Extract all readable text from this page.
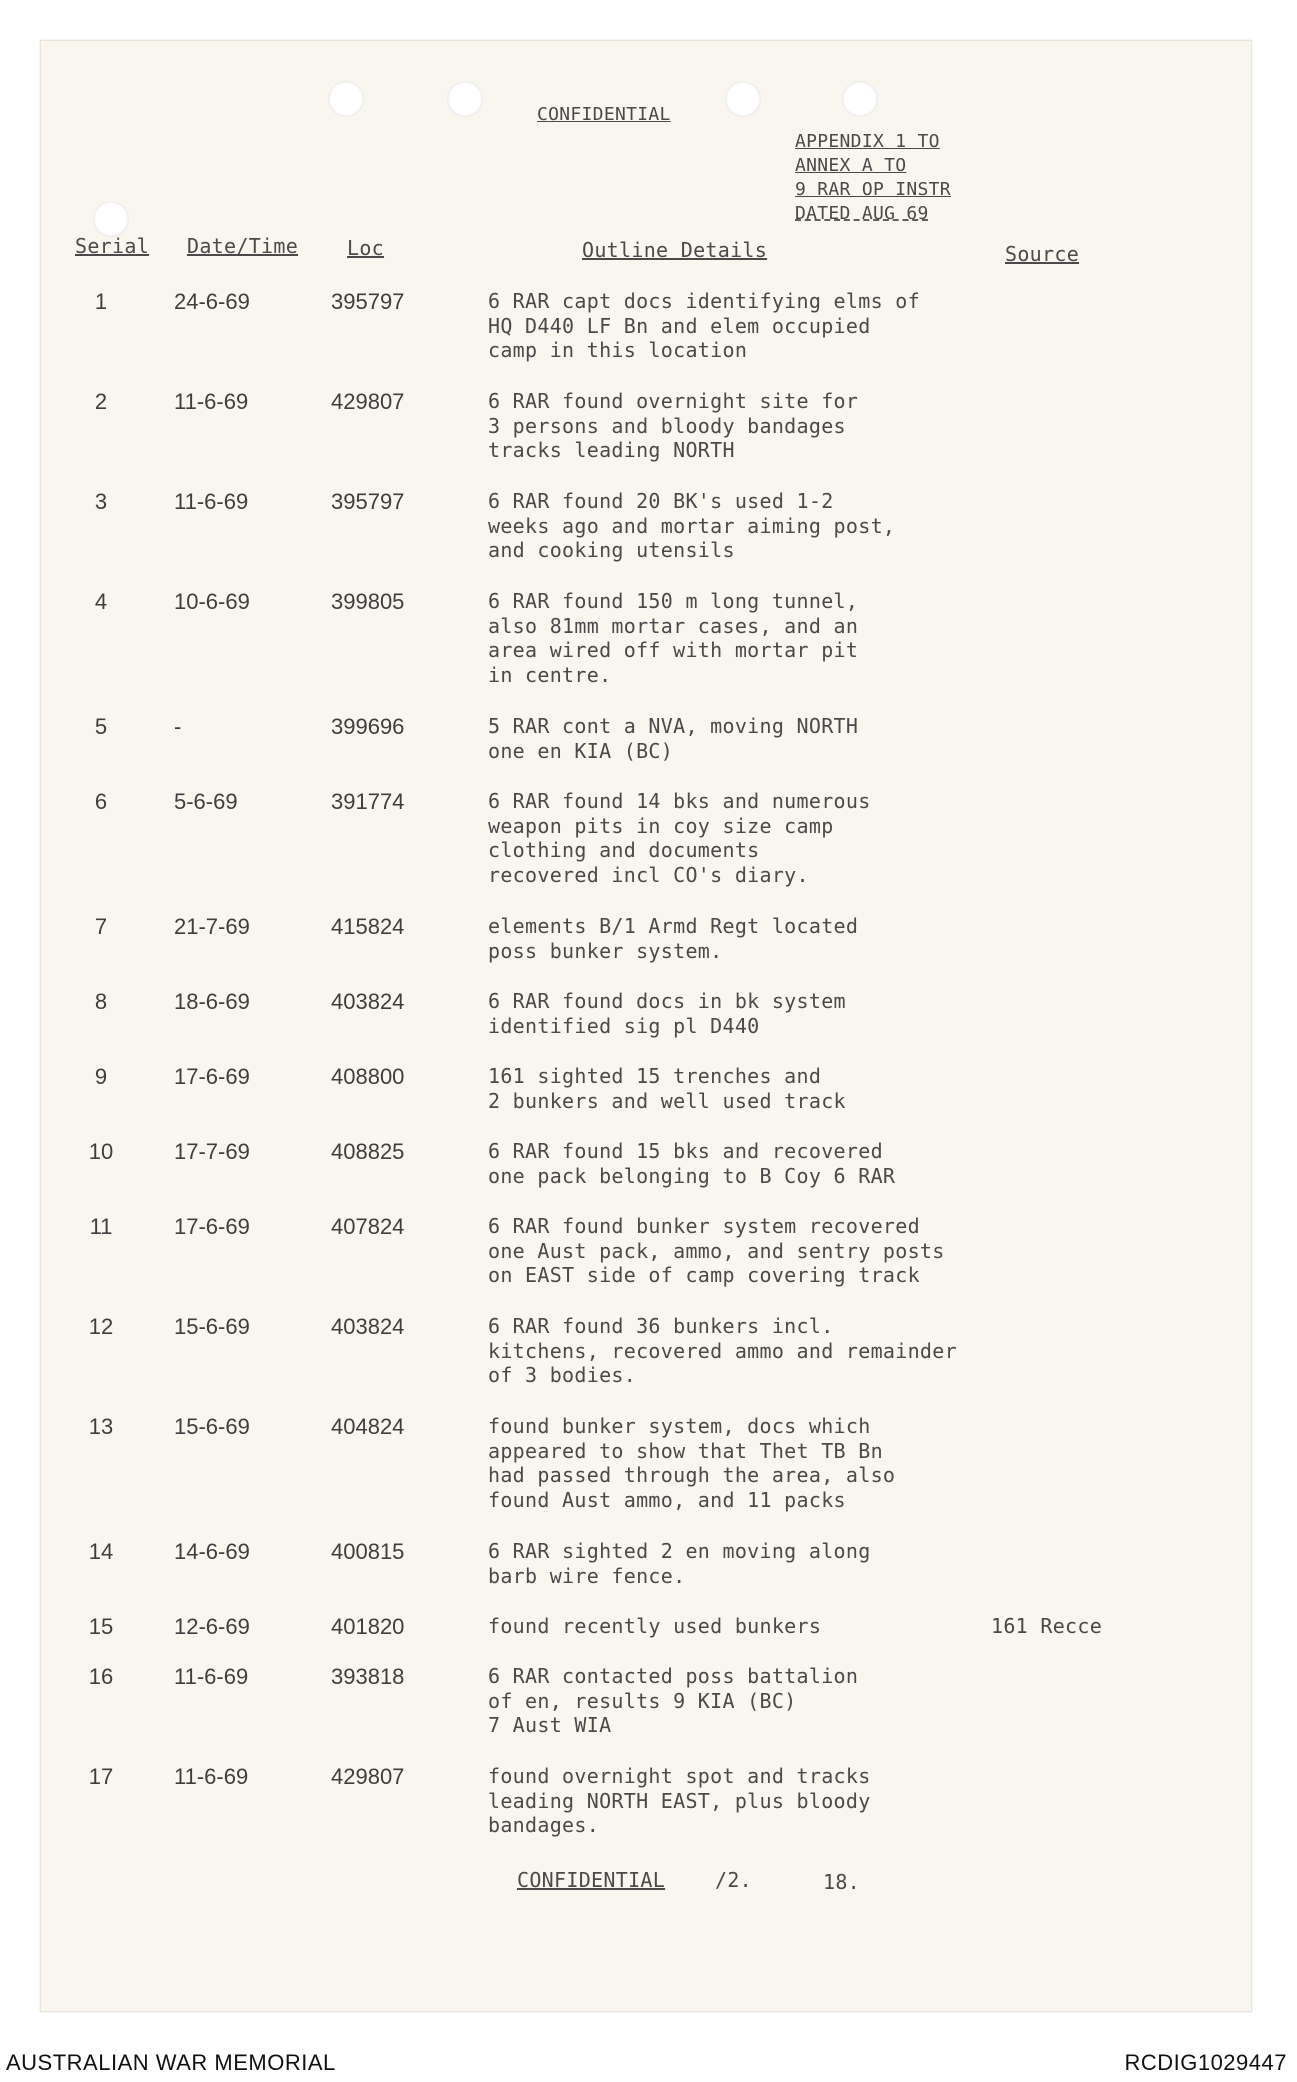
CONFIDENTIAL
APPENDIX 1 TO
ANNEX A TO
9 RAR OP INSTR
DATED AUG 69
Serial Date/Time Loc	Outline Details	Source
1	24-6-69	395797	6 RAR capt docs identifying elms of
HQ D440 LF Bn and elem occupied
camp in this location
2	11-6-69	429807	6 RAR found overnight site for
3 persons and bloody bandages
tracks leading NORTH
3	11-6-69	395797	6 RAR found 20 BK's used 1-2
weeks ago and mortar aiming post,
and cooking utensils
4	10-6-69	399805	6 RAR found 150 m long tunnel,
also 81mm mortar cases, and an
area wired off with mortar pit
in centre.
5	-	399696	5 RAR cont a NVA, moving NORTH
one en KIA (BC)
6	5-6-69	391774	6 RAR found 14 bks and numerous
weapon pits in coy size camp
clothing and documents
recovered incl CO's diary.
7	21-7-69	415824	elements B/1 Armd Regt located
poss bunker system.
8	18-6-69	403824	6 RAR found docs in bk system
identified sig pl D440
9	17-6-69	408800	161 sighted 15 trenches and
2 bunkers and well used track
10	17-7-69	408825	6 RAR found 15 bks and recovered
one pack belonging to B Coy 6 RAR
11	17-6-69	407824	6 RAR found bunker system recovered
one Aust pack, ammo, and sentry posts
on EAST side of camp covering track
12	15-6-69	403824	6 RAR found 36 bunkers incl.
kitchens, recovered ammo and remainder
of 3 bodies.
13	15-6-69	404824	found bunker system, docs which
appeared to show that Thet TB Bn
had passed through the area, also
found Aust ammo, and 11 packs
14	14-6-69	400815	6 RAR sighted 2 en moving along
barb wire fence.
15	12-6-69	401820	found recently used bunkers	161 Recce
16	11-6-69	393818	6 RAR contacted poss battalion
of en, results 9 KIA (BC)
7 Aust WIA
17	11-6-69	429807	found overnight spot and tracks
leading NORTH EAST, plus bloody
bandages.
CONFIDENTIAL /2.	18.
AUSTRALIAN WAR MEMORIAL	RCDIG1029447
